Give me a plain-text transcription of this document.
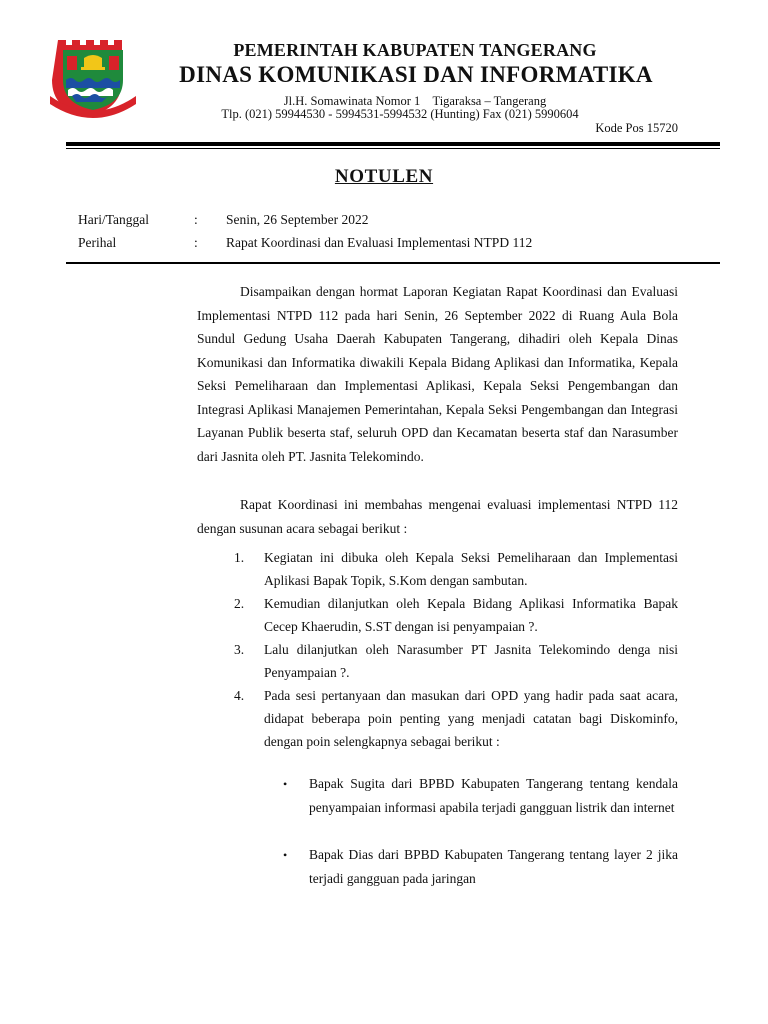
PEMERINTAH KABUPATEN TANGERANG
DINAS KOMUNIKASI DAN INFORMATIKA
Jl.H. Somawinata Nomor 1    Tigaraksa – Tangerang
Tlp. (021) 59944530 - 5994531-5994532 (Hunting) Fax (021) 5990604
Kode Pos 15720
NOTULEN
Hari/Tanggal	: Senin, 26 September 2022
Perihal	: Rapat Koordinasi dan Evaluasi Implementasi NTPD 112
Disampaikan dengan hormat Laporan Kegiatan Rapat Koordinasi dan Evaluasi Implementasi NTPD 112 pada hari Senin, 26 September 2022 di Ruang Aula Bola Sundul Gedung Usaha Daerah Kabupaten Tangerang, dihadiri oleh Kepala Dinas Komunikasi dan Informatika diwakili Kepala Bidang Aplikasi dan Informatika, Kepala Seksi Pemeliharaan dan Implementasi Aplikasi, Kepala Seksi Pengembangan dan Integrasi Aplikasi Manajemen Pemerintahan, Kepala Seksi Pengembangan dan Integrasi Layanan Publik beserta staf, seluruh OPD dan Kecamatan beserta staf dan Narasumber dari Jasnita oleh PT. Jasnita Telekomindo.
Rapat Koordinasi ini membahas mengenai evaluasi implementasi NTPD 112 dengan susunan acara sebagai berikut :
1. Kegiatan ini dibuka oleh Kepala Seksi Pemeliharaan dan Implementasi Aplikasi Bapak Topik, S.Kom dengan sambutan.
2. Kemudian dilanjutkan oleh Kepala Bidang Aplikasi Informatika Bapak Cecep Khaerudin, S.ST dengan isi penyampaian ?.
3. Lalu dilanjutkan oleh Narasumber PT Jasnita Telekomindo denga nisi Penyampaian ?.
4. Pada sesi pertanyaan dan masukan dari OPD yang hadir pada saat acara, didapat beberapa poin penting yang menjadi catatan bagi Diskominfo, dengan poin selengkapnya sebagai berikut :
• Bapak Sugita dari BPBD Kabupaten Tangerang tentang kendala penyampaian informasi apabila terjadi gangguan listrik dan internet
• Bapak Dias dari BPBD Kabupaten Tangerang tentang layer 2 jika terjadi gangguan pada jaringan
